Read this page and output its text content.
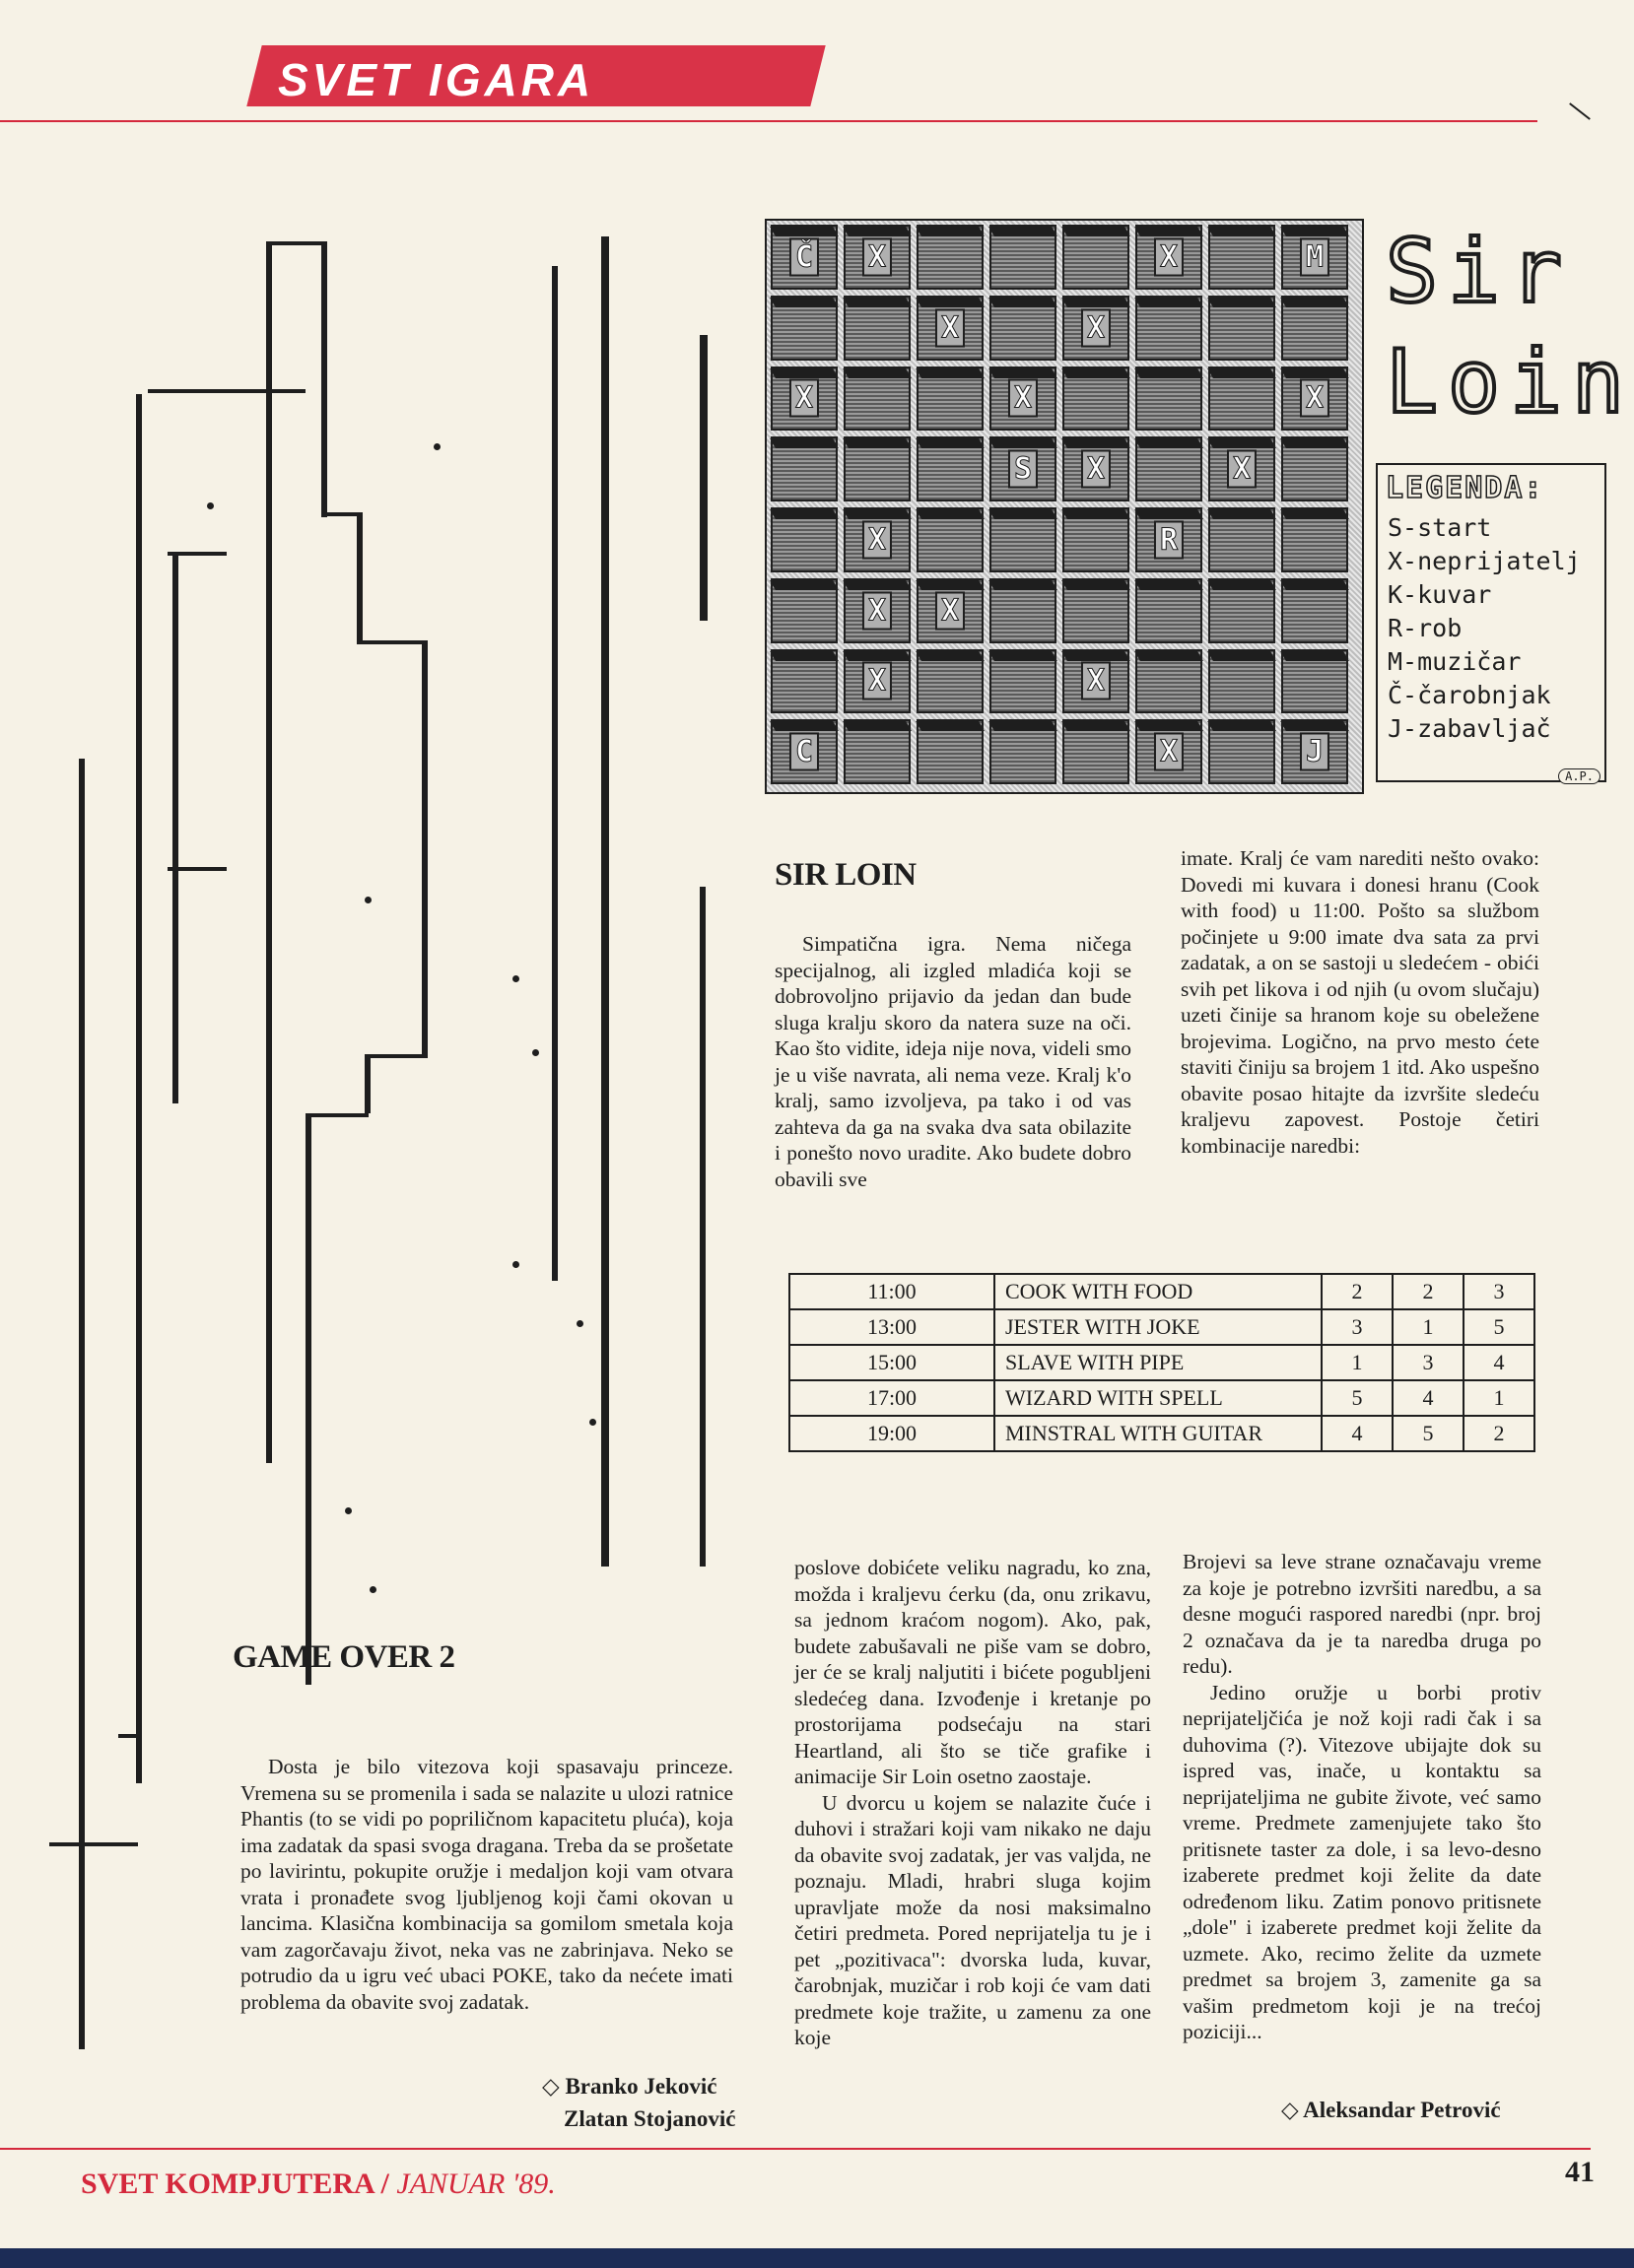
SVET IGARA
Č X	X	M
X	X
X	X	X
S X	X
X	R
X X
X	X
C	X	J
Sir
Loin
LEGENDA:
S-start
X-neprijatelj
K-kuvar
R-rob
M-muzičar
Č-čarobnjak
J-zabavljač
A.P.
SIR LOIN

Simpatična igra. Nema ničega specijalnog, ali izgled mladića koji se dobrovoljno prijavio da jedan dan bude sluga kralju skoro da natera suze na oči. Kao što vidite, ideja nije nova, videli smo je u više navrata, ali nema veze. Kralj k'o kralj, samo izvoljeva, pa tako i od vas zahteva da ga na svaka dva sata obilazite i ponešto novo uradite. Ako budete dobro obavili sve

imate. Kralj će vam narediti nešto ovako: Dovedi mi kuvara i donesi hranu (Cook with food) u 11:00. Pošto sa službom počinjete u 9:00 imate dva sata za prvi zadatak, a on se sastoji u sledećem - obići svih pet likova i od njih (u ovom slučaju) uzeti činije sa hranom koje su obeležene brojevima. Logično, na prvo mesto ćete staviti činiju sa brojem 1 itd. Ako uspešno obavite posao hitajte da izvršite sledeću kraljevu zapovest. Postoje četiri kombinacije naredbi:

11:00	COOK WITH FOOD	2	2	3
13:00	JESTER WITH JOKE	3	1	5
15:00	SLAVE WITH PIPE	1	3	4
17:00	WIZARD WITH SPELL	5	4	1
19:00	MINSTRAL WITH GUITAR	4	5	2

poslove dobićete veliku nagradu, ko zna, možda i kraljevu ćerku (da, onu zrikavu, sa jednom kraćom nogom). Ako, pak, budete zabušavali ne piše vam se dobro, jer će se kralj naljutiti i bićete pogubljeni sledećeg dana. Izvođenje i kretanje po prostorijama podsećaju na stari Heartland, ali što se tiče grafike i animacije Sir Loin osetno zaostaje.

U dvorcu u kojem se nalazite čuće i duhovi i stražari koji vam nikako ne daju da obavite svoj zadatak, jer vas valjda, ne poznaju. Mladi, hrabri sluga kojim upravljate može da nosi maksimalno četiri predmeta. Pored neprijatelja tu je i pet „pozitivaca": dvorska luda, kuvar, čarobnjak, muzičar i rob koji će vam dati predmete koje tražite, u zamenu za one koje

Brojevi sa leve strane označavaju vreme za koje je potrebno izvršiti naredbu, a sa desne mogući raspored naredbi (npr. broj 2 označava da je ta naredba druga po redu).

Jedino oružje u borbi protiv neprijateljčića je nož koji radi čak i sa duhovima (?). Vitezove ubijajte dok su ispred vas, inače, u kontaktu sa neprijateljima ne gubite živote, već samo vreme. Predmete zamenjujete tako što pritisnete taster za dole, i sa levo-desno izaberete predmet koji želite da date određenom liku. Zatim ponovo pritisnete „dole" i izaberete predmet koji želite da uzmete. Ako, recimo želite da uzmete predmet sa brojem 3, zamenite ga sa vašim predmetom koji je na trećoj poziciji...

◇ Aleksandar Petrović
GAME OVER 2

Dosta je bilo vitezova koji spasavaju princeze. Vremena su se promenila i sada se nalazite u ulozi ratnice Phantis (to se vidi po popriličnom kapacitetu pluća), koja ima zadatak da spasi svoga dragana. Treba da se prošetate po lavirintu, pokupite oružje i medaljon koji vam otvara vrata i pronađete svog ljubljenog koji čami okovan u lancima. Klasična kombinacija sa gomilom smetala koja vam zagorčavaju život, neka vas ne zabrinjava. Neko se potrudio da u igru već ubaci POKE, tako da nećete imati problema da obavite svoj zadatak.

◇ Branko Jeković
Zlatan Stojanović
SVET KOMPJUTERA / JANUAR '89.	41
